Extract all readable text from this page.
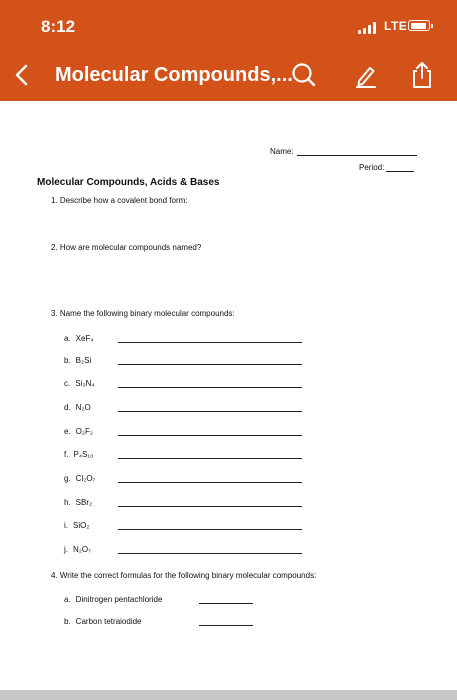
8:12	LTE
Molecular Compounds,...
Name:
Period:
Molecular Compounds, Acids & Bases
1. Describe how a covalent bond form:
2. How are molecular compounds named?
3. Name the following binary molecular compounds:
a. XeF₄
b. B₂Si
c. Si₃N₄
d. N₂O
e. O₂F₂
f. P₄S₁₀
g. Cl₂O₇
h. SBr₂
i. SiO₂
j. N₂O₇
4. Write the correct formulas for the following binary molecular compounds:
a. Dinitrogen pentachloride
b. Carbon tetraiodide
